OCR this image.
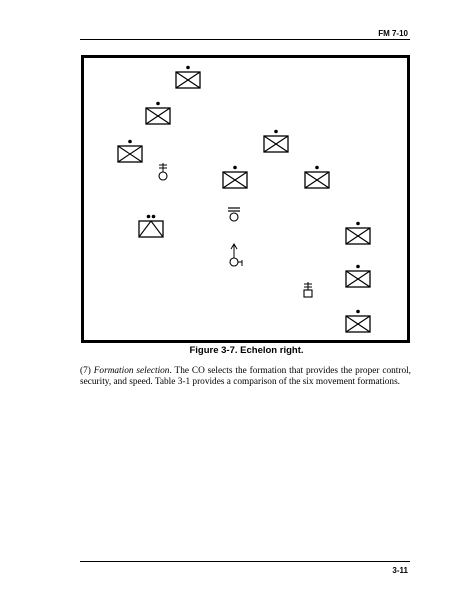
FM 7-10
Figure 3-7. Echelon right.

(7) Formation selection. The CO selects the formation that provides the proper control, security, and speed. Table 3-1 provides a comparison of the six movement formations.

3-11
